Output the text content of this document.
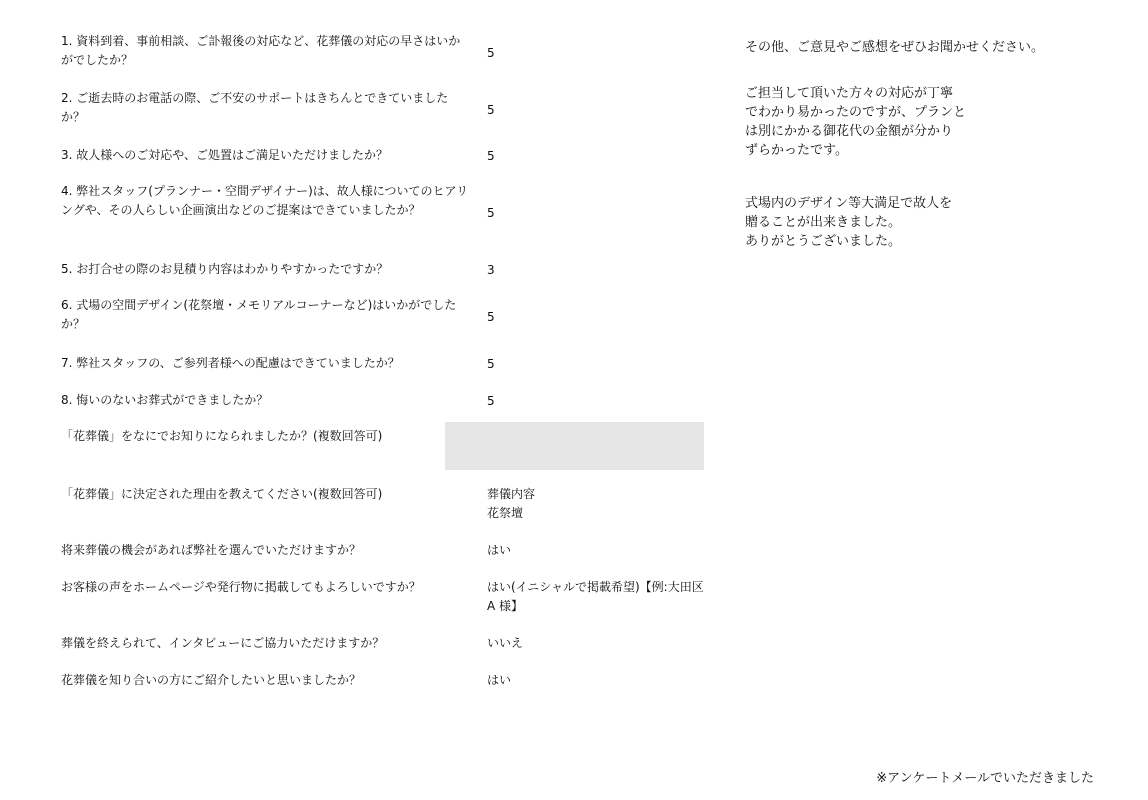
1. 資料到着、事前相談、ご訃報後の対応など、花葬儀の対応の早さはいかがでしたか？	5
2. ご逝去時のお電話の際、ご不安のサポートはきちんとできていましたか？	5
3. 故人様へのご対応や、ご処置はご満足いただけましたか？	5
4. 弊社スタッフ(プランナー・空間デザイナー)は、故人様についてのヒアリングや、その人らしい企画演出などのご提案はできていましたか？	5
5. お打合せの際のお見積り内容はわかりやすかったですか？	3
6. 式場の空間デザイン(花祭壇・メモリアルコーナーなど)はいかがでしたか？	5
7. 弊社スタッフの、ご参列者様への配慮はできていましたか？	5
8. 悔いのないお葬式ができましたか？	5
「花葬儀」をなにでお知りになられましたか？(複数回答可)
「花葬儀」に決定された理由を教えてください(複数回答可)	葬儀内容
花祭壇
将来葬儀の機会があれば弊社を選んでいただけますか？	はい
お客様の声をホームページや発行物に掲載してもよろしいですか？	はい(イニシャルで掲載希望)【例:大田区 A 様】
葬儀を終えられて、インタビューにご協力いただけますか？	いいえ
花葬儀を知り合いの方にご紹介したいと思いましたか？	はい
その他、ご意見やご感想をぜひお聞かせください。
ご担当して頂いた方々の対応が丁寧
でわかり易かったのですが、プランと
は別にかかる御花代の金額が分かり
ずらかったです。
式場内のデザイン等大満足で故人を
贈ることが出来きました。
ありがとうございました。
※アンケートメールでいただきました
